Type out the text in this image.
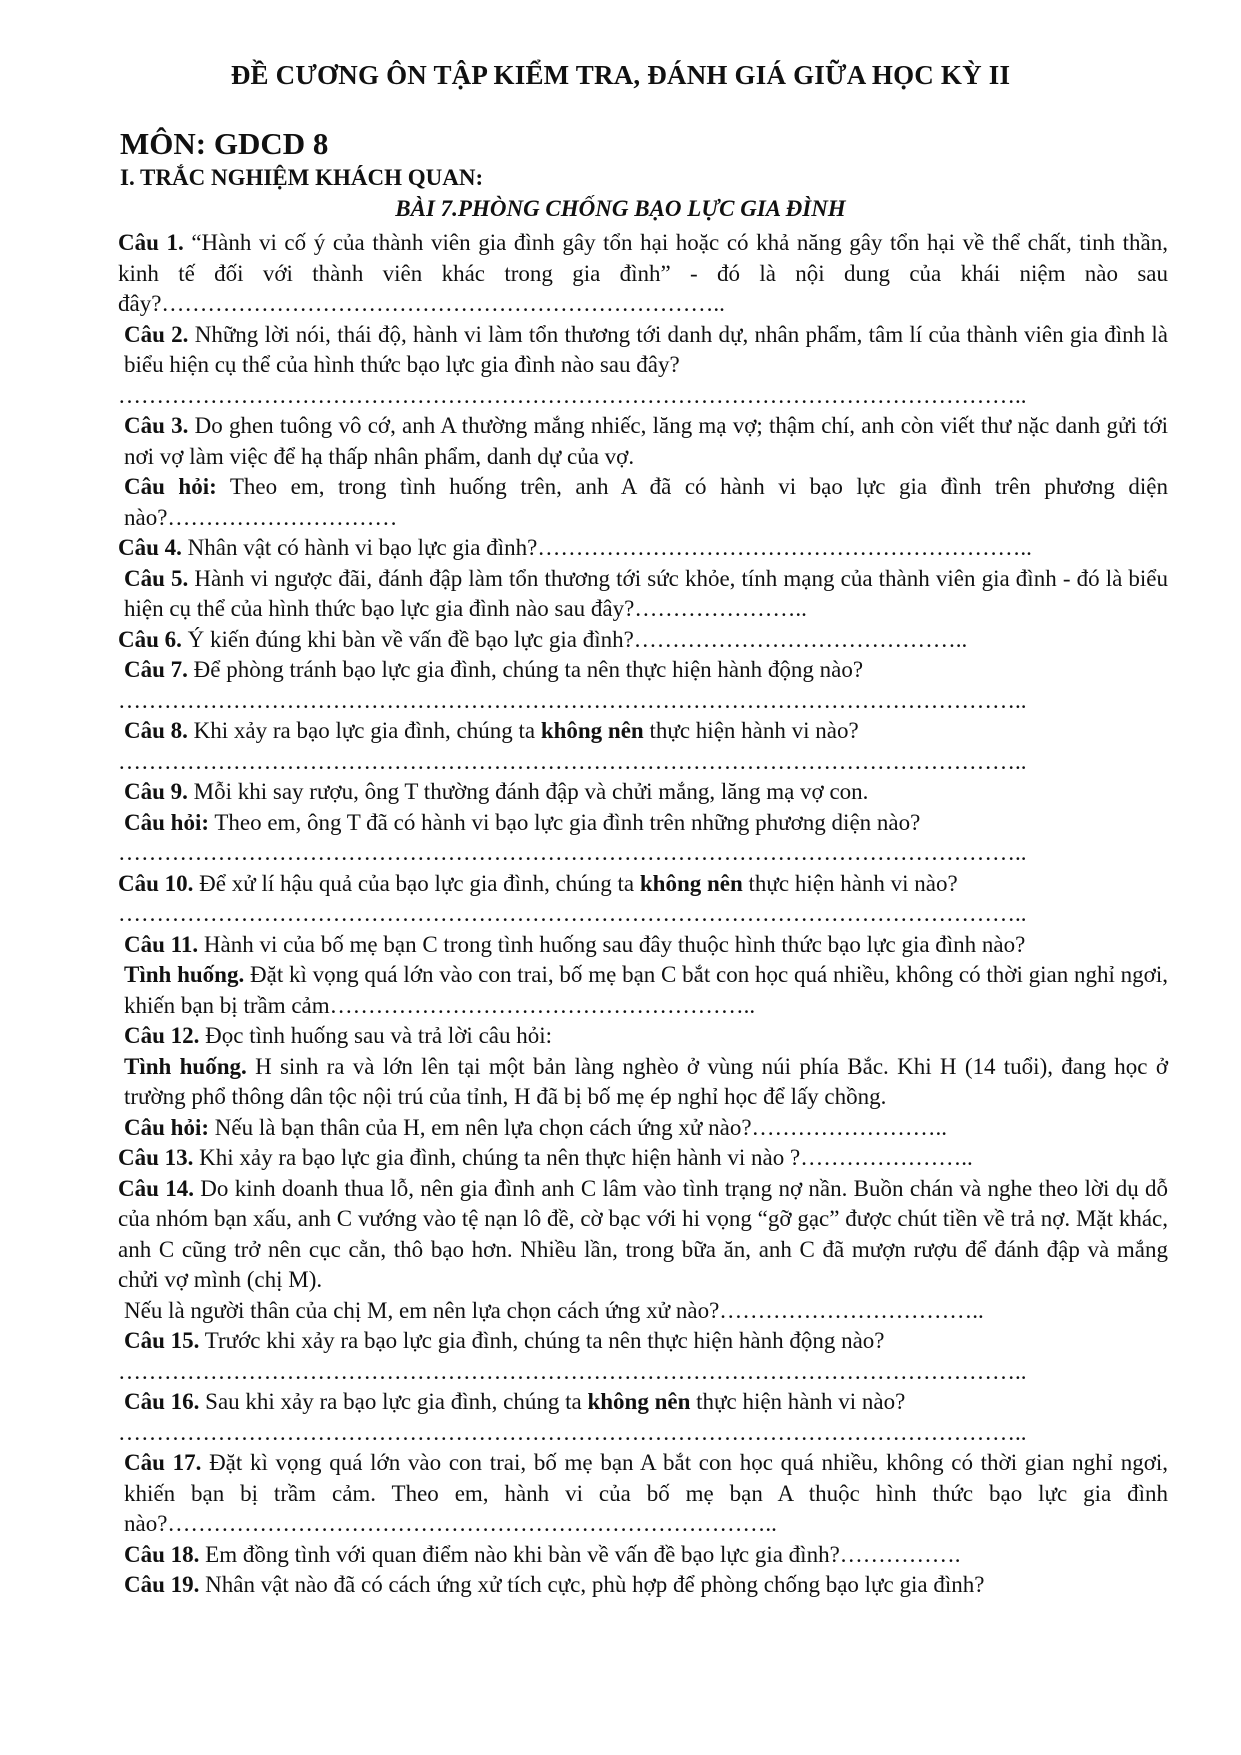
ĐỀ CƯƠNG ÔN TẬP KIỂM TRA, ĐÁNH GIÁ GIỮA HỌC KỲ II
MÔN: GDCD 8
I. TRẮC NGHIỆM KHÁCH QUAN:
BÀI 7.PHÒNG CHỐNG BẠO LỰC GIA ĐÌNH

Câu 1. “Hành vi cố ý của thành viên gia đình gây tổn hại hoặc có khả năng gây tổn hại về thể chất, tinh thần, kinh tế đối với thành viên khác trong gia đình” - đó là nội dung của khái niệm nào sau đây?………………………………………………………………..

Câu 2. Những lời nói, thái độ, hành vi làm tổn thương tới danh dự, nhân phẩm, tâm lí của thành viên gia đình là biểu hiện cụ thể của hình thức bạo lực gia đình nào sau đây?

………………………………………………………………………………………………………..

Câu 3. Do ghen tuông vô cớ, anh A thường mắng nhiếc, lăng mạ vợ; thậm chí, anh còn viết thư nặc danh gửi tới nơi vợ làm việc để hạ thấp nhân phẩm, danh dự của vợ.

Câu hỏi: Theo em, trong tình huống trên, anh A đã có hành vi bạo lực gia đình trên phương diện nào?…………………………

Câu 4. Nhân vật có hành vi bạo lực gia đình?………………………………………………………..

Câu 5. Hành vi ngược đãi, đánh đập làm tổn thương tới sức khỏe, tính mạng của thành viên gia đình - đó là biểu hiện cụ thể của hình thức bạo lực gia đình nào sau đây?…………………..

Câu 6. Ý kiến đúng khi bàn về vấn đề bạo lực gia đình?……………………………………..

Câu 7. Để phòng tránh bạo lực gia đình, chúng ta nên thực hiện hành động nào?

………………………………………………………………………………………………………..

Câu 8. Khi xảy ra bạo lực gia đình, chúng ta không nên thực hiện hành vi nào?

………………………………………………………………………………………………………..

Câu 9. Mỗi khi say rượu, ông T thường đánh đập và chửi mắng, lăng mạ vợ con.

Câu hỏi: Theo em, ông T đã có hành vi bạo lực gia đình trên những phương diện nào?

………………………………………………………………………………………………………..

Câu 10. Để xử lí hậu quả của bạo lực gia đình, chúng ta không nên thực hiện hành vi nào?

………………………………………………………………………………………………………..

Câu 11. Hành vi của bố mẹ bạn C trong tình huống sau đây thuộc hình thức bạo lực gia đình nào?

Tình huống. Đặt kì vọng quá lớn vào con trai, bố mẹ bạn C bắt con học quá nhiều, không có thời gian nghỉ ngơi, khiến bạn bị trầm cảm………………………………………………..

Câu 12. Đọc tình huống sau và trả lời câu hỏi:

Tình huống. H sinh ra và lớn lên tại một bản làng nghèo ở vùng núi phía Bắc. Khi H (14 tuổi), đang học ở trường phổ thông dân tộc nội trú của tỉnh, H đã bị bố mẹ ép nghỉ học để lấy chồng.

Câu hỏi: Nếu là bạn thân của H, em nên lựa chọn cách ứng xử nào?……………………..

Câu 13. Khi xảy ra bạo lực gia đình, chúng ta nên thực hiện hành vi nào ?…………………..

Câu 14. Do kinh doanh thua lỗ, nên gia đình anh C lâm vào tình trạng nợ nần. Buồn chán và nghe theo lời dụ dỗ của nhóm bạn xấu, anh C vướng vào tệ nạn lô đề, cờ bạc với hi vọng “gỡ gạc” được chút tiền về trả nợ. Mặt khác, anh C cũng trở nên cục cằn, thô bạo hơn. Nhiều lần, trong bữa ăn, anh C đã mượn rượu để đánh đập và mắng chửi vợ mình (chị M).

Nếu là người thân của chị M, em nên lựa chọn cách ứng xử nào?……………………………..

Câu 15. Trước khi xảy ra bạo lực gia đình, chúng ta nên thực hiện hành động nào?

………………………………………………………………………………………………………..

Câu 16. Sau khi xảy ra bạo lực gia đình, chúng ta không nên thực hiện hành vi nào?

………………………………………………………………………………………………………..

Câu 17. Đặt kì vọng quá lớn vào con trai, bố mẹ bạn A bắt con học quá nhiều, không có thời gian nghỉ ngơi, khiến bạn bị trầm cảm. Theo em, hành vi của bố mẹ bạn A thuộc hình thức bạo lực gia đình nào?……………………………………………………………………..

Câu 18. Em đồng tình với quan điểm nào khi bàn về vấn đề bạo lực gia đình?…………….

Câu 19. Nhân vật nào đã có cách ứng xử tích cực, phù hợp để phòng chống bạo lực gia đình?
